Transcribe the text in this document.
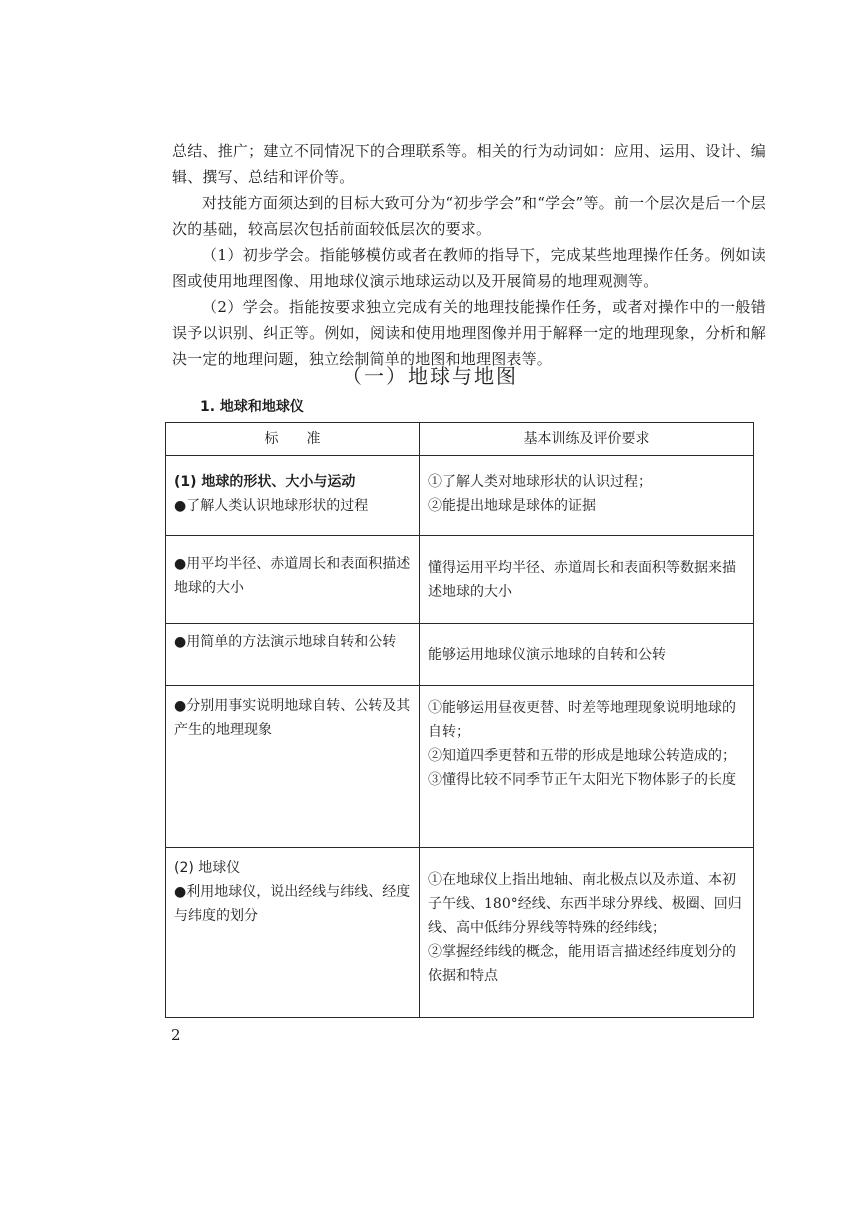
总结、推广；建立不同情况下的合理联系等。相关的行为动词如：应用、运用、设计、编辑、撰写、总结和评价等。

对技能方面须达到的目标大致可分为“初步学会”和“学会”等。前一个层次是后一个层次的基础，较高层次包括前面较低层次的要求。

（1）初步学会。指能够模仿或者在教师的指导下，完成某些地理操作任务。例如读图或使用地理图像、用地球仪演示地球运动以及开展简易的地理观测等。

（2）学会。指能按要求独立完成有关的地理技能操作任务，或者对操作中的一般错误予以识别、纠正等。例如，阅读和使用地理图像并用于解释一定的地理现象，分析和解决一定的地理问题，独立绘制简单的地图和地理图表等。

（一）地球与地图
1. 地球和地球仪
标　　准	基本训练及评价要求

(1) 地球的形状、大小与运动
●了解人类认识地球形状的过程	①了解人类对地球形状的认识过程；
②能提出地球是球体的证据

●用平均半径、赤道周长和表面积描述地球的大小	懂得运用平均半径、赤道周长和表面积等数据来描述地球的大小

●用简单的方法演示地球自转和公转	能够运用地球仪演示地球的自转和公转

●分别用事实说明地球自转、公转及其产生的地理现象	①能够运用昼夜更替、时差等地理现象说明地球的自转；
②知道四季更替和五带的形成是地球公转造成的；
③懂得比较不同季节正午太阳光下物体影子的长度

(2) 地球仪
●利用地球仪，说出经线与纬线、经度与纬度的划分	①在地球仪上指出地轴、南北极点以及赤道、本初子午线、180°经线、东西半球分界线、极圈、回归线、高中低纬分界线等特殊的经纬线；
②掌握经纬线的概念，能用语言描述经纬度划分的依据和特点
2
